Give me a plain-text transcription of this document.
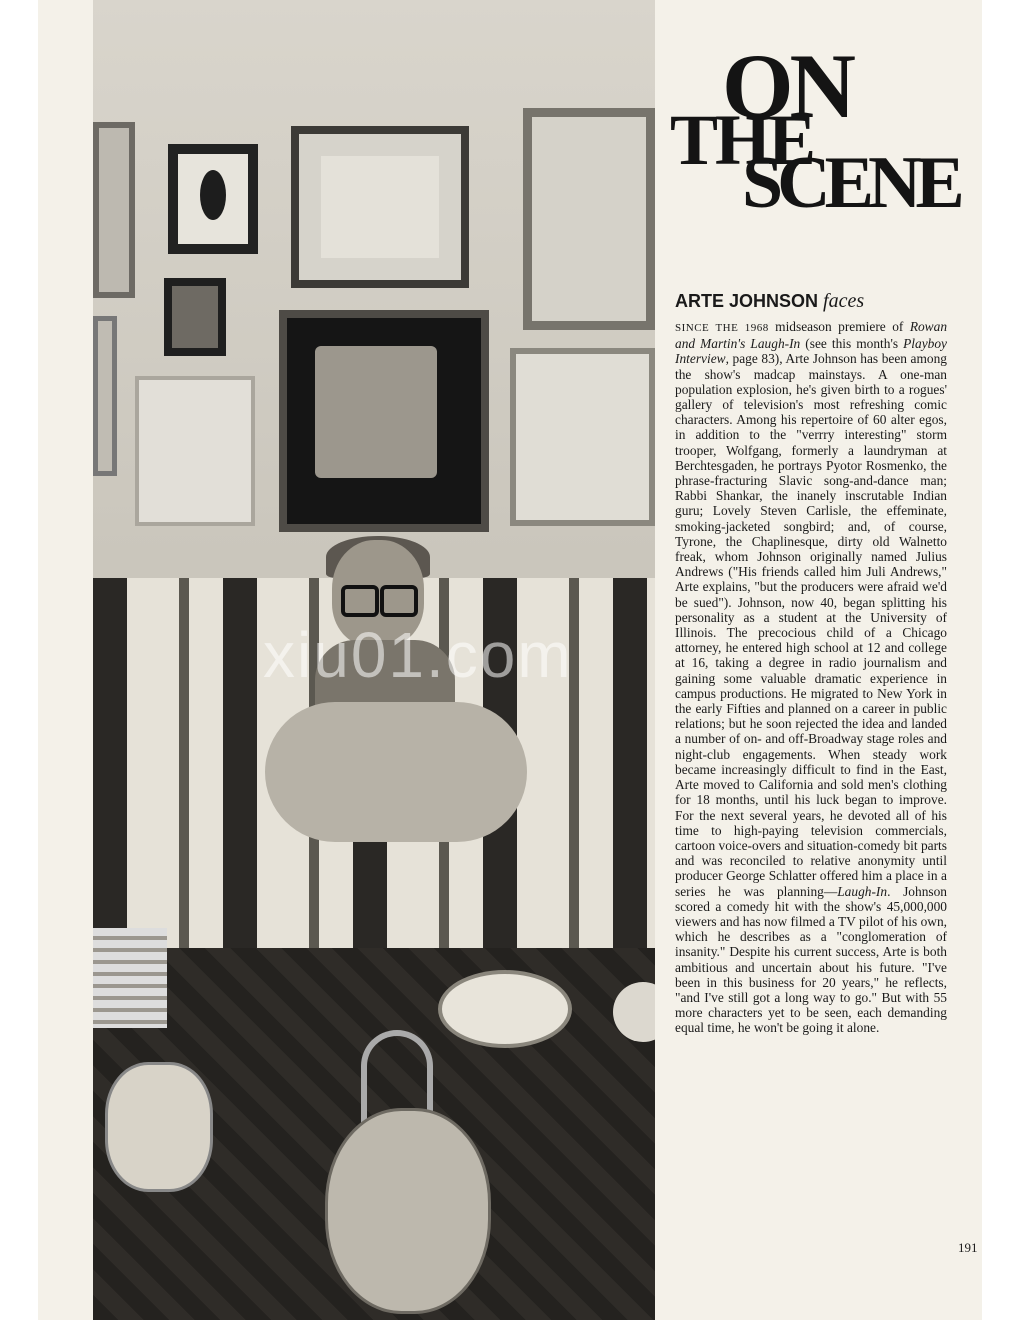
xiu01.com
ON
THE
SCENE
ARTE JOHNSON faces

SINCE THE 1968 midseason premiere of Rowan and Martin's Laugh-In (see this month's Playboy Interview, page 83), Arte Johnson has been among the show's madcap mainstays. A one-man population explosion, he's given birth to a rogues' gallery of television's most refreshing comic characters. Among his repertoire of 60 alter egos, in addition to the "verrry interesting" storm trooper, Wolfgang, formerly a laundryman at Berchtesgaden, he portrays Pyotor Rosmenko, the phrase-fracturing Slavic song-and-dance man; Rabbi Shankar, the inanely inscrutable Indian guru; Lovely Steven Carlisle, the effeminate, smoking-jacketed songbird; and, of course, Tyrone, the Chaplinesque, dirty old Walnetto freak, whom Johnson originally named Julius Andrews ("His friends called him Juli Andrews," Arte explains, "but the producers were afraid we'd be sued"). Johnson, now 40, began splitting his personality as a student at the University of Illinois. The precocious child of a Chicago attorney, he entered high school at 12 and college at 16, taking a degree in radio journalism and gaining some valuable dramatic experience in campus productions. He migrated to New York in the early Fifties and planned on a career in public relations; but he soon rejected the idea and landed a number of on- and off-Broadway stage roles and night-club engagements. When steady work became increasingly difficult to find in the East, Arte moved to California and sold men's clothing for 18 months, until his luck began to improve. For the next several years, he devoted all of his time to high-paying television commercials, cartoon voice-overs and situation-comedy bit parts and was reconciled to relative anonymity until producer George Schlatter offered him a place in a series he was planning—Laugh-In. Johnson scored a comedy hit with the show's 45,000,000 viewers and has now filmed a TV pilot of his own, which he describes as a "conglomeration of insanity." Despite his current success, Arte is both ambitious and uncertain about his future. "I've been in this business for 20 years," he reflects, "and I've still got a long way to go." But with 55 more characters yet to be seen, each demanding equal time, he won't be going it alone.

191
